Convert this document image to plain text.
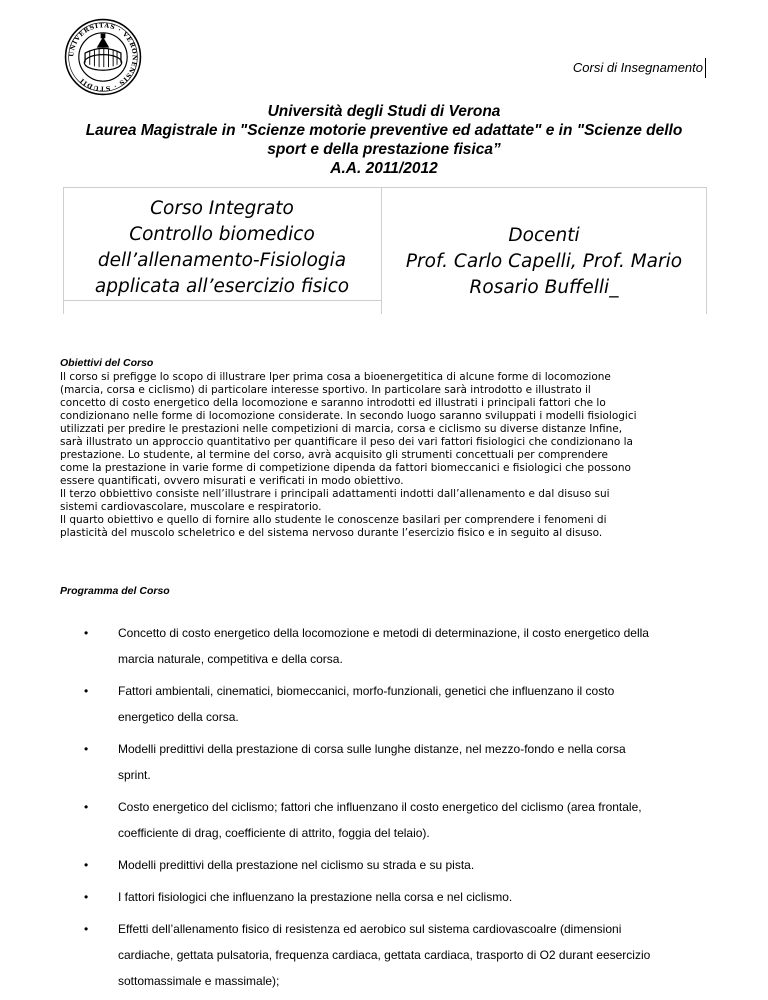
UNIVERSITAS · VERONENSIS · STUDII
Corsi di Insegnamento
Università degli Studi di Verona
Laurea Magistrale in "Scienze motorie preventive ed adattate" e in "Scienze dello
sport e della prestazione fisica”
A.A. 2011/2012
Corso Integrato
Controllo biomedico
dell’allenamento-Fisiologia
applicata all’esercizio fisico
Docenti
Prof. Carlo Capelli, Prof. Mario
Rosario Buffelli_
Obiettivi del Corso

Il corso si prefigge lo scopo di illustrare lper prima cosa a bioenergetitica di alcune forme di locomozione

(marcia, corsa e ciclismo) di particolare interesse sportivo. In particolare sarà introdotto e illustrato il

concetto di costo energetico della locomozione e saranno introdotti ed illustrati i principali fattori che lo

condizionano nelle forme di locomozione considerate. In secondo luogo saranno sviluppati i modelli fisiologici

utilizzati per predire le prestazioni nelle competizioni di marcia, corsa e ciclismo su diverse distanze Infine,

sarà illustrato un approccio quantitativo per quantificare il peso dei vari fattori fisiologici che condizionano la

prestazione. Lo studente, al termine del corso, avrà acquisito gli strumenti concettuali per comprendere

come la prestazione in varie forme di competizione dipenda da fattori biomeccanici e fisiologici che possono

essere quantificati, ovvero misurati e verificati in modo obiettivo.

Il terzo obbiettivo consiste nell’illustrare i principali adattamenti indotti dall’allenamento e dal disuso sui

sistemi cardiovascolare, muscolare e respiratorio.

Il quarto obiettivo e quello di fornire allo studente le conoscenze basilari per comprendere i fenomeni di

plasticità del muscolo scheletrico e del sistema nervoso durante l’esercizio fisico e in seguito al disuso.

Programma del Corso
• Concetto di costo energetico della locomozione e metodi di determinazione, il costo energetico della
marcia naturale, competitiva e della corsa.
• Fattori ambientali, cinematici, biomeccanici, morfo-funzionali, genetici che influenzano il costo
energetico della corsa.
• Modelli predittivi della prestazione di corsa sulle lunghe distanze, nel mezzo-fondo e nella corsa
sprint.
• Costo energetico del ciclismo; fattori che influenzano il costo energetico del ciclismo (area frontale,
coefficiente di drag, coefficiente di attrito, foggia del telaio).
• Modelli predittivi della prestazione nel ciclismo su strada e su pista.
• I fattori fisiologici che influenzano la prestazione nella corsa e nel ciclismo.
• Effetti dell’allenamento fisico di resistenza ed aerobico sul sistema cardiovascoalre (dimensioni
cardiache, gettata pulsatoria, frequenza cardiaca, gettata cardiaca, trasporto di O2 durant eesercizio
sottomassimale e massimale);
